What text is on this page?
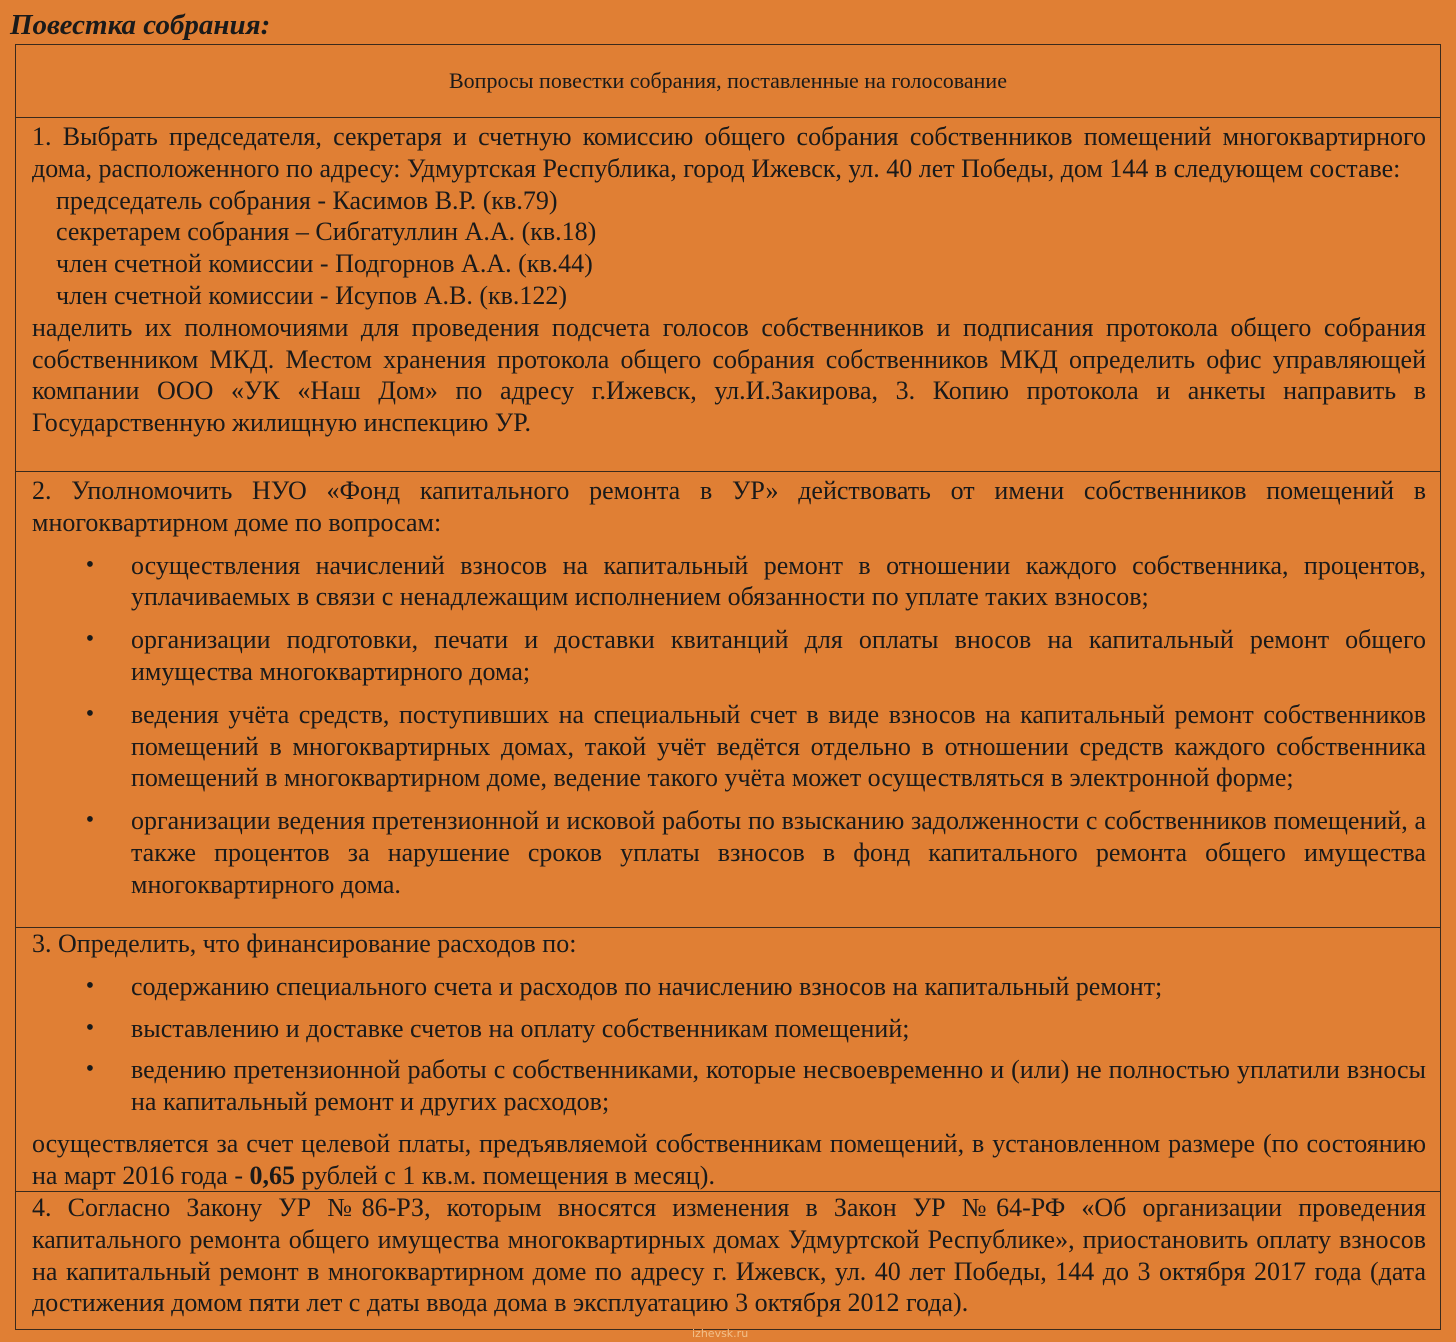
Повестка собрания:
Вопросы повестки собрания, поставленные на голосование

1. Выбрать председателя, секретаря и счетную комиссию общего собрания собственников помещений многоквартирного дома, расположенного по адресу: Удмуртская Республика, город Ижевск, ул. 40 лет Победы, дом 144 в следующем составе:

председатель собрания - Касимов В.Р. (кв.79)
секретарем собрания – Сибгатуллин А.А. (кв.18)
член счетной комиссии - Подгорнов А.А. (кв.44)
член счетной комиссии - Исупов А.В. (кв.122)

наделить их полномочиями для проведения подсчета голосов собственников и подписания протокола общего собрания собственником МКД. Местом хранения протокола общего собрания собственников МКД определить офис управляющей компании ООО «УК «Наш Дом» по адресу г.Ижевск, ул.И.Закирова, 3. Копию протокола и анкеты направить в Государственную жилищную инспекцию УР.

2. Уполномочить НУО «Фонд капитального ремонта в УР» действовать от имени собственников помещений в многоквартирном доме по вопросам:

• осуществления начислений взносов на капитальный ремонт в отношении каждого собственника, процентов, уплачиваемых в связи с ненадлежащим исполнением обязанности по уплате таких взносов;
• организации подготовки, печати и доставки квитанций для оплаты вносов на капитальный ремонт общего имущества многоквартирного дома;
• ведения учёта средств, поступивших на специальный счет в виде взносов на капитальный ремонт собственников помещений в многоквартирных домах, такой учёт ведётся отдельно в отношении средств каждого собственника помещений в многоквартирном доме, ведение такого учёта может осуществляться в электронной форме;
• организации ведения претензионной и исковой работы по взысканию задолженности с собственников помещений, а также процентов за нарушение сроков уплаты взносов в фонд капитального ремонта общего имущества многоквартирного дома.

3. Определить, что финансирование расходов по:

• содержанию специального счета и расходов по начислению взносов на капитальный ремонт;
• выставлению и доставке счетов на оплату собственникам помещений;
• ведению претензионной работы с собственниками, которые несвоевременно и (или) не полностью уплатили взносы на капитальный ремонт и других расходов;

осуществляется за счет целевой платы, предъявляемой собственникам помещений, в установленном размере (по состоянию на март 2016 года - 0,65 рублей с 1 кв.м. помещения в месяц).

4. Согласно Закону УР №86-РЗ, которым вносятся изменения в Закон УР №64-РФ «Об организации проведения капитального ремонта общего имущества многоквартирных домах Удмуртской Республике», приостановить оплату взносов на капитальный ремонт в многоквартирном доме по адресу г. Ижевск, ул. 40 лет Победы, 144 до 3 октября 2017 года (дата достижения домом пяти лет с даты ввода дома в эксплуатацию 3 октября 2012 года).

izhevsk.ru
